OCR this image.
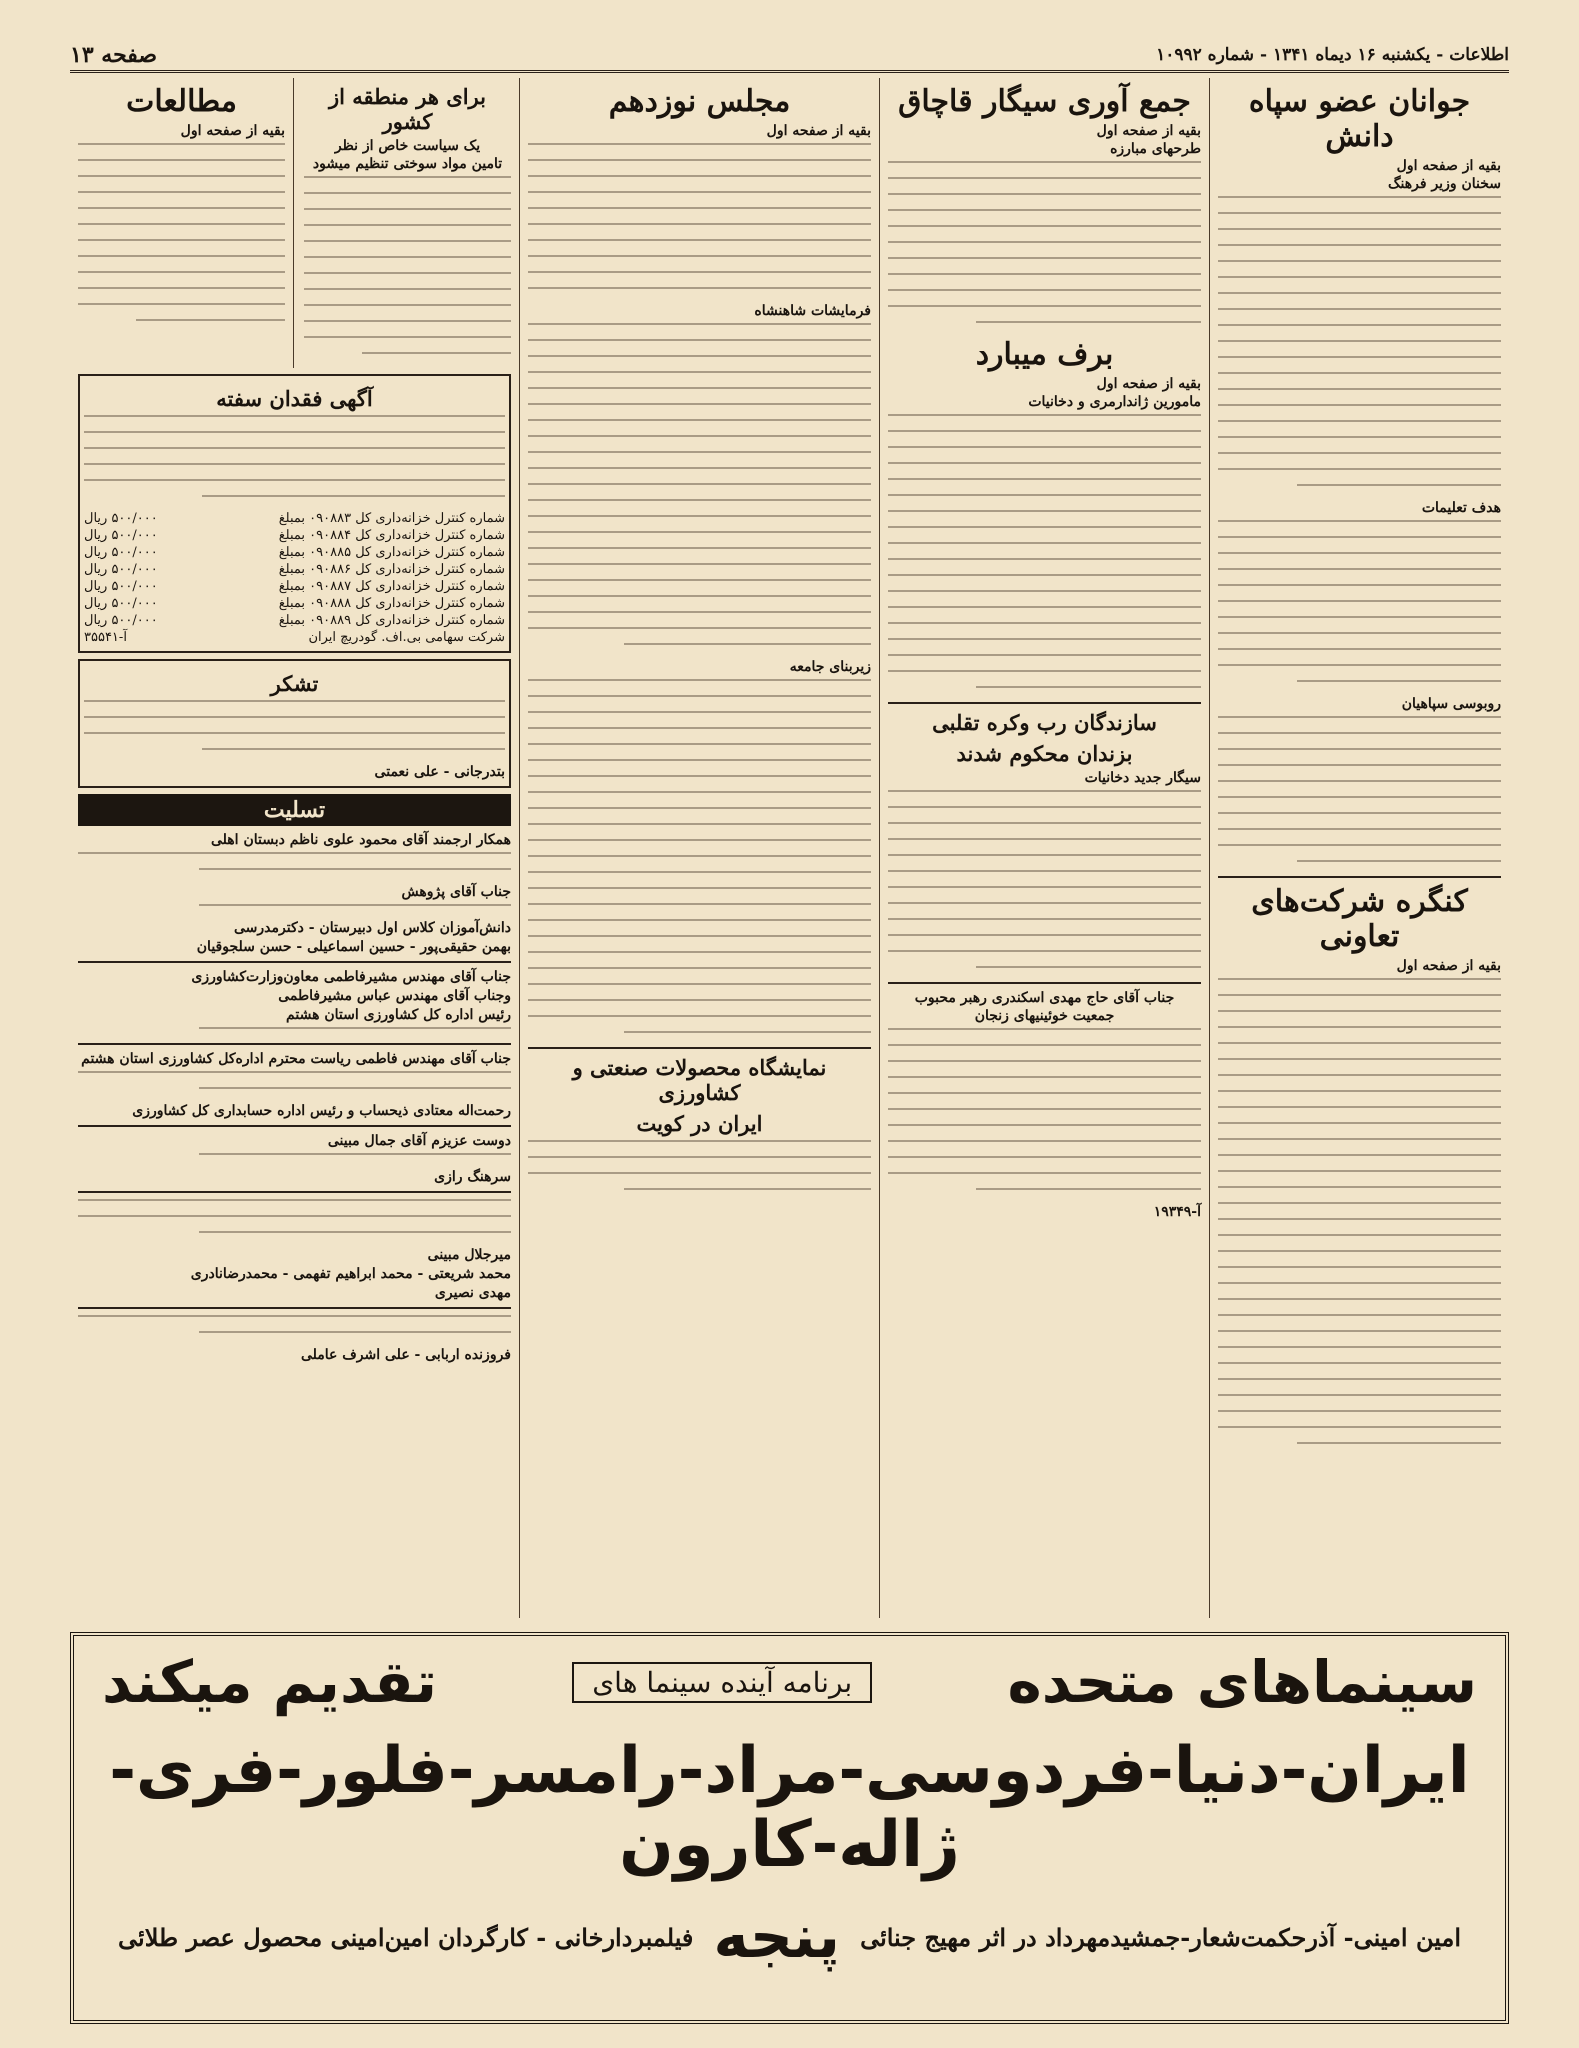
اطلاعات - یکشنبه ۱۶ دیماه ۱۳۴۱ - شماره ۱۰۹۹۲
صفحه ۱۳
جوانان عضو سپاه دانش
بقیه از صفحه اول
سخنان وزیر فرهنگ
هدف تعلیمات
روبوسی سپاهیان
کنگره شرکت‌های تعاونی
بقیه از صفحه اول
جمع آوری سیگار قاچاق
بقیه از صفحه اول
طرحهای مبارزه
برف میبارد
بقیه از صفحه اول
مامورین ژاندارمری و دخانیات
سازندگان رب وکره تقلبی
بزندان محکوم شدند
سیگار جدید دخانیات
جناب آقای حاج مهدی اسکندری رهبر محبوب
جمعیت خوئینیهای زنجان
آ-۱۹۳۴۹
مجلس نوزدهم
بقیه از صفحه اول
فرمایشات شاهنشاه
زیربنای جامعه
نمایشگاه محصولات صنعتی و کشاورزی
ایران در کویت
برای هر منطقه از کشور
یک سیاست خاص از نظر
تامین مواد سوختی تنظیم میشود
مطالعات
بقیه از صفحه اول
آگهی فقدان سفته
شماره کنترل خزانه‌داری کل ۰۹۰۸۸۳ بمبلغ
۵۰۰/۰۰۰ ریال
شماره کنترل خزانه‌داری کل ۰۹۰۸۸۴ بمبلغ
۵۰۰/۰۰۰ ریال
شماره کنترل خزانه‌داری کل ۰۹۰۸۸۵ بمبلغ
۵۰۰/۰۰۰ ریال
شماره کنترل خزانه‌داری کل ۰۹۰۸۸۶ بمبلغ
۵۰۰/۰۰۰ ریال
شماره کنترل خزانه‌داری کل ۰۹۰۸۸۷ بمبلغ
۵۰۰/۰۰۰ ریال
شماره کنترل خزانه‌داری کل ۰۹۰۸۸۸ بمبلغ
۵۰۰/۰۰۰ ریال
شماره کنترل خزانه‌داری کل ۰۹۰۸۸۹ بمبلغ
۵۰۰/۰۰۰ ریال
شرکت سهامی بی.اف. گودریچ ایران
آ-۳۵۵۴۱
تشکر
بتدرجانی - علی نعمتی
تسلیت
همکار ارجمند آقای محمود علوی ناظم دبستان اهلی
جناب آقای پژوهش
دانش‌آموزان کلاس اول دبیرستان - دکترمدرسی
بهمن حقیقی‌پور - حسین اسماعیلی - حسن سلجوقیان
جناب آقای مهندس مشیرفاطمی معاون‌وزارت‌کشاورزی
وجناب آقای مهندس عباس مشیرفاطمی
رئیس اداره کل کشاورزی استان هشتم
جناب آقای مهندس فاطمی ریاست محترم اداره‌کل کشاورزی استان هشتم
رحمت‌اله معتادی ذیحساب و رئیس اداره حسابداری کل کشاورزی
دوست عزیزم آقای جمال مبینی
سرهنگ رازی
میرجلال مبینی
محمد شریعتی - محمد ابراهیم تفهمی - محمدرضانادری
مهدی نصیری
فروزنده اربابی - علی اشرف عاملی
سینماهای متحده
برنامه آینده سینما های
تقدیم میکند
ایران-دنیا-فردوسی-مراد-رامسر-فلور-فری-ژاله-کارون
امین امینی- آذرحکمت‌شعار-جمشیدمهرداد در اثر مهیج جنائی
پنجه
فیلمبردارخانی - کارگردان امین‌امینی محصول عصر طلائی
